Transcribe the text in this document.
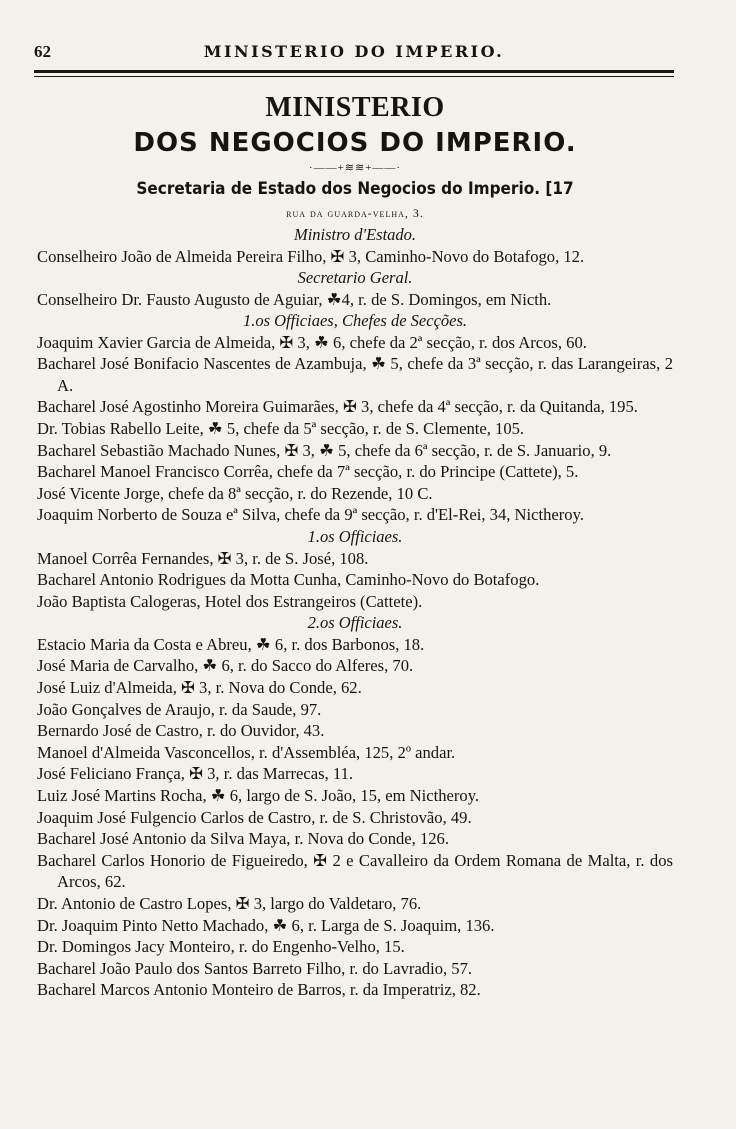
62	MINISTERIO DO IMPERIO.
MINISTERIO
DOS NEGOCIOS DO IMPERIO.
·——+≋≋+——·
Secretaria de Estado dos Negocios do Imperio. [17
rua da guarda-velha, 3.
Ministro d'Estado.
Conselheiro João de Almeida Pereira Filho, ✠ 3, Caminho-Novo do Botafogo, 12.
Secretario Geral.
Conselheiro Dr. Fausto Augusto de Aguiar, ☘4, r. de S. Domingos, em Nicth.
1.os Officiaes, Chefes de Secções.
Joaquim Xavier Garcia de Almeida, ✠ 3, ☘ 6, chefe da 2ª secção, r. dos Arcos, 60.
Bacharel José Bonifacio Nascentes de Azambuja, ☘ 5, chefe da 3ª secção, r. das Larangeiras, 2 A.
Bacharel José Agostinho Moreira Guimarães, ✠ 3, chefe da 4ª secção, r. da Quitanda, 195.
Dr. Tobias Rabello Leite, ☘ 5, chefe da 5ª secção, r. de S. Clemente, 105.
Bacharel Sebastião Machado Nunes, ✠ 3, ☘ 5, chefe da 6ª secção, r. de S. Januario, 9.
Bacharel Manoel Francisco Corrêa, chefe da 7ª secção, r. do Principe (Cattete), 5.
José Vicente Jorge, chefe da 8ª secção, r. do Rezende, 10 C.
Joaquim Norberto de Souza eª Silva, chefe da 9ª secção, r. d'El-Rei, 34, Nictheroy.
1.os Officiaes.
Manoel Corrêa Fernandes, ✠ 3, r. de S. José, 108.
Bacharel Antonio Rodrigues da Motta Cunha, Caminho-Novo do Botafogo.
João Baptista Calogeras, Hotel dos Estrangeiros (Cattete).
2.os Officiaes.
Estacio Maria da Costa e Abreu, ☘ 6, r. dos Barbonos, 18.
José Maria de Carvalho, ☘ 6, r. do Sacco do Alferes, 70.
José Luiz d'Almeida, ✠ 3, r. Nova do Conde, 62.
João Gonçalves de Araujo, r. da Saude, 97.
Bernardo José de Castro, r. do Ouvidor, 43.
Manoel d'Almeida Vasconcellos, r. d'Assembléa, 125, 2º andar.
José Feliciano França, ✠ 3, r. das Marrecas, 11.
Luiz José Martins Rocha, ☘ 6, largo de S. João, 15, em Nictheroy.
Joaquim José Fulgencio Carlos de Castro, r. de S. Christovão, 49.
Bacharel José Antonio da Silva Maya, r. Nova do Conde, 126.
Bacharel Carlos Honorio de Figueiredo, ✠ 2 e Cavalleiro da Ordem Romana de Malta, r. dos Arcos, 62.
Dr. Antonio de Castro Lopes, ✠ 3, largo do Valdetaro, 76.
Dr. Joaquim Pinto Netto Machado, ☘ 6, r. Larga de S. Joaquim, 136.
Dr. Domingos Jacy Monteiro, r. do Engenho-Velho, 15.
Bacharel João Paulo dos Santos Barreto Filho, r. do Lavradio, 57.
Bacharel Marcos Antonio Monteiro de Barros, r. da Imperatriz, 82.
